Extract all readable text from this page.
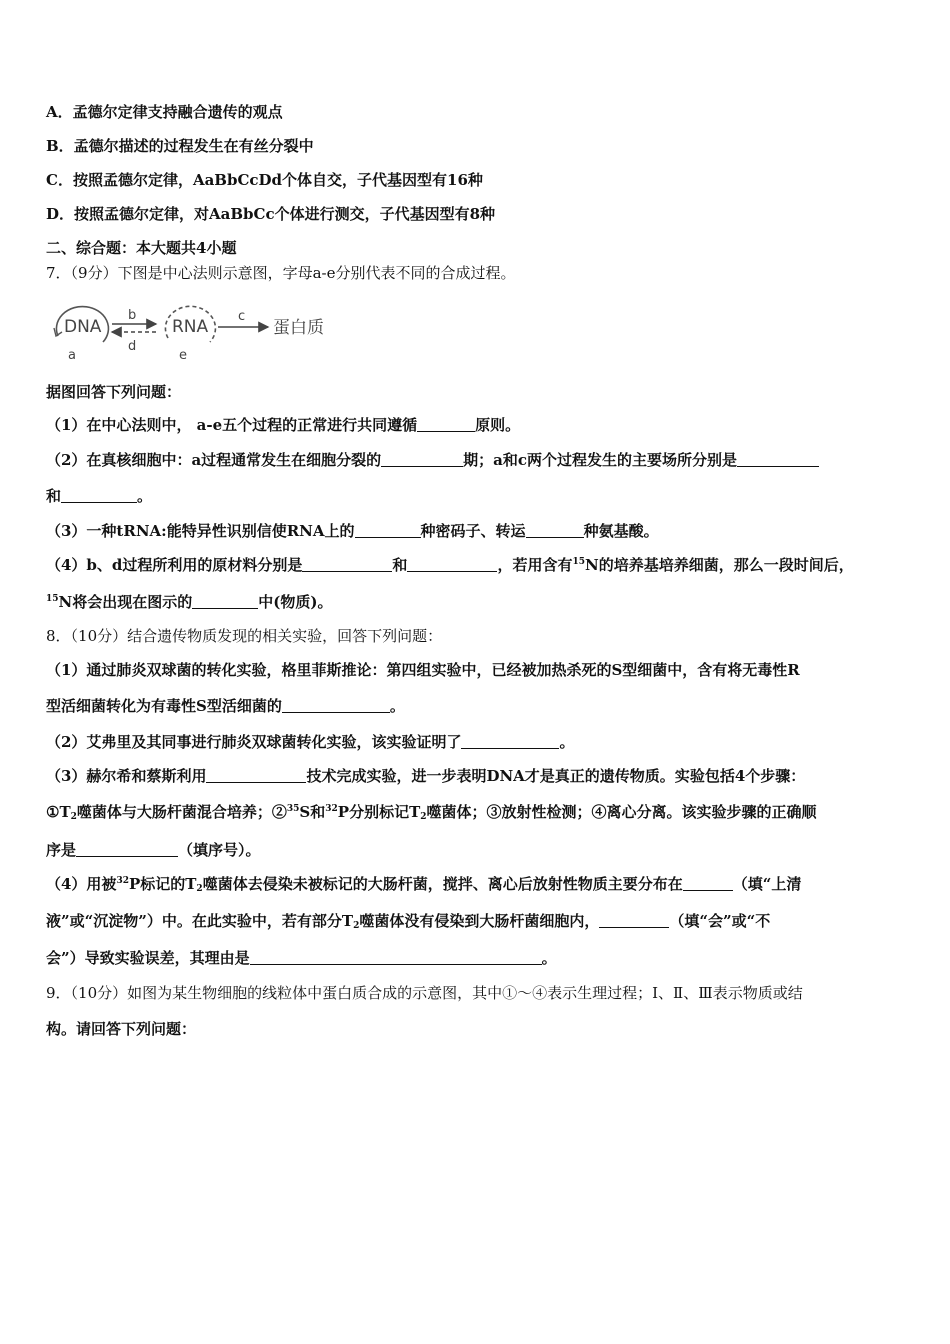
A．孟德尔定律支持融合遗传的观点
B．孟德尔描述的过程发生在有丝分裂中
C．按照孟德尔定律，AaBbCcDd个体自交，子代基因型有16种
D．按照孟德尔定律，对AaBbCc个体进行测交，子代基因型有8种
二、综合题：本大题共4小题
7．（9分）下图是中心法则示意图，字母a-e分别代表不同的合成过程。
DNA
a
b
d
RNA
e
c
蛋白质
据图回答下列问题：
（1）在中心法则中， a-e五个过程的正常进行共同遵循	原则。
（2）在真核细胞中：a过程通常发生在细胞分裂的	期；a和c两个过程发生的主要场所分别是
和	。
（3）一种tRNA:能特异性识别信使RNA上的	种密码子、转运	种氨基酸。
（4）b、d过程所利用的原材料分别是	和	，若用含有$^{15}$N的培养基培养细菌，那么一段时间后，
$^{15}$N将会出现在图示的	中(物质)。
8．（10分）结合遗传物质发现的相关实验，回答下列问题：
（1）通过肺炎双球菌的转化实验，格里菲斯推论：第四组实验中，已经被加热杀死的S型细菌中，含有将无毒性R
型活细菌转化为有毒性S型活细菌的	。
（2）艾弗里及其同事进行肺炎双球菌转化实验，该实验证明了	。
（3）赫尔希和蔡斯利用	技术完成实验，进一步表明DNA才是真正的遗传物质。实验包括4个步骤：
$①T_2$噬菌体与大肠杆菌混合培养；②$^{35}$S和$^{32}$P分别标记$T_2$噬菌体；③放射性检测；④离心分离。该实验步骤的正确顺
序是	（填序号）。
（4）用被$^{32}$P标记的$T_2$噬菌体去侵染未被标记的大肠杆菌，搅拌、离心后放射性物质主要分布在	（填“上清
液”或“沉淀物”）中。在此实验中，若有部分$T_2$噬菌体没有侵染到大肠杆菌细胞内，	（填“会”或“不
会”）导致实验误差，其理由是	。
9．（10分）如图为某生物细胞的线粒体中蛋白质合成的示意图，其中①～④表示生理过程；Ⅰ、Ⅱ、Ⅲ表示物质或结
构。请回答下列问题：
